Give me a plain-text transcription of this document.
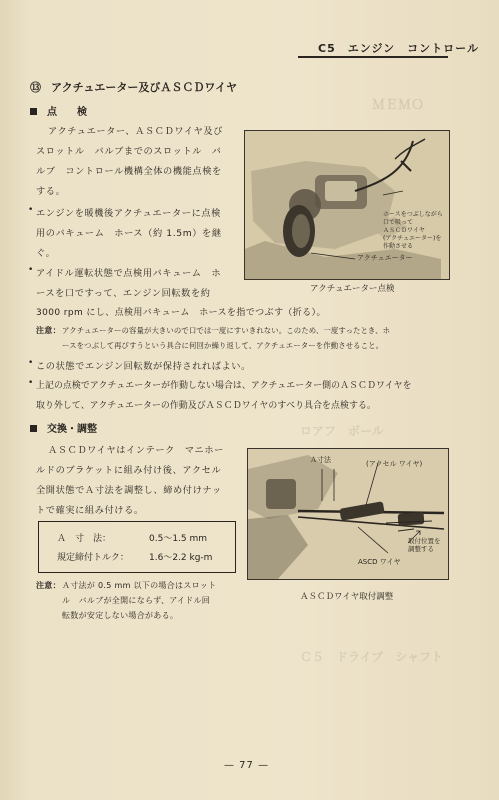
ＭＥＭＯ
ロアフ　ボール
Ｃ５　ドライブ　シャフト
C5　エンジン　コントロール
⑬ アクチュエーター及びＡＳＣＤワイヤ
点　　検
アクチュエーター、ＡＳＣＤワイヤ及び
スロットル　バルブまでのスロットル　バ
ルブ　コントロール機構全体の機能点検を
する。
• エンジンを暖機後アクチュエーターに点検
用のバキューム　ホース（約 1.5m）を継
ぐ。
• アイドル運転状態で点検用バキューム　ホ
ースを口ですって、エンジン回転数を約
3000 rpm にし、点検用バキューム　ホースを指でつぶす（折る）。
注意： アクチュエーターの容量が大きいので口では一度にすいきれない。このため、一度すったとき、ホ
ースをつぶして再びすうという具合に何回か繰り返して、アクチュエーターを作動させること。
• この状態でエンジン回転数が保持されればよい。
• 上記の点検でアクチュエーターが作動しない場合は、アクチュエーター側のＡＳＣＤワイヤを
取り外して、アクチュエーターの作動及びＡＳＣＤワイヤのすべり具合を点検する。
ホースをつぶしながら
口で吸って
ＡＳＣＤワイヤ
(アクチュエーター)を
作動させる
アクチュエーター
アクチュエーター点検
交換・調整
ＡＳＣＤワイヤはインテーク　マニホー
ルドのブラケットに組み付け後、アクセル
全開状態でＡ寸法を調整し、締め付けナッ
トで確実に組み付ける。
Ａ　寸　法：	0.5～1.5 mm
規定締付トルク： 1.6～2.2 kg-m
注意： Ａ寸法が 0.5 mm 以下の場合はスロット
ル　バルブが全開にならず、アイドル回
転数が安定しない場合がある。
Ａ寸法	(アクセル ワイヤ)
取付位置を
調整する
ASCD ワイヤ
ＡＳＣＤワイヤ取付調整
— 77 —
